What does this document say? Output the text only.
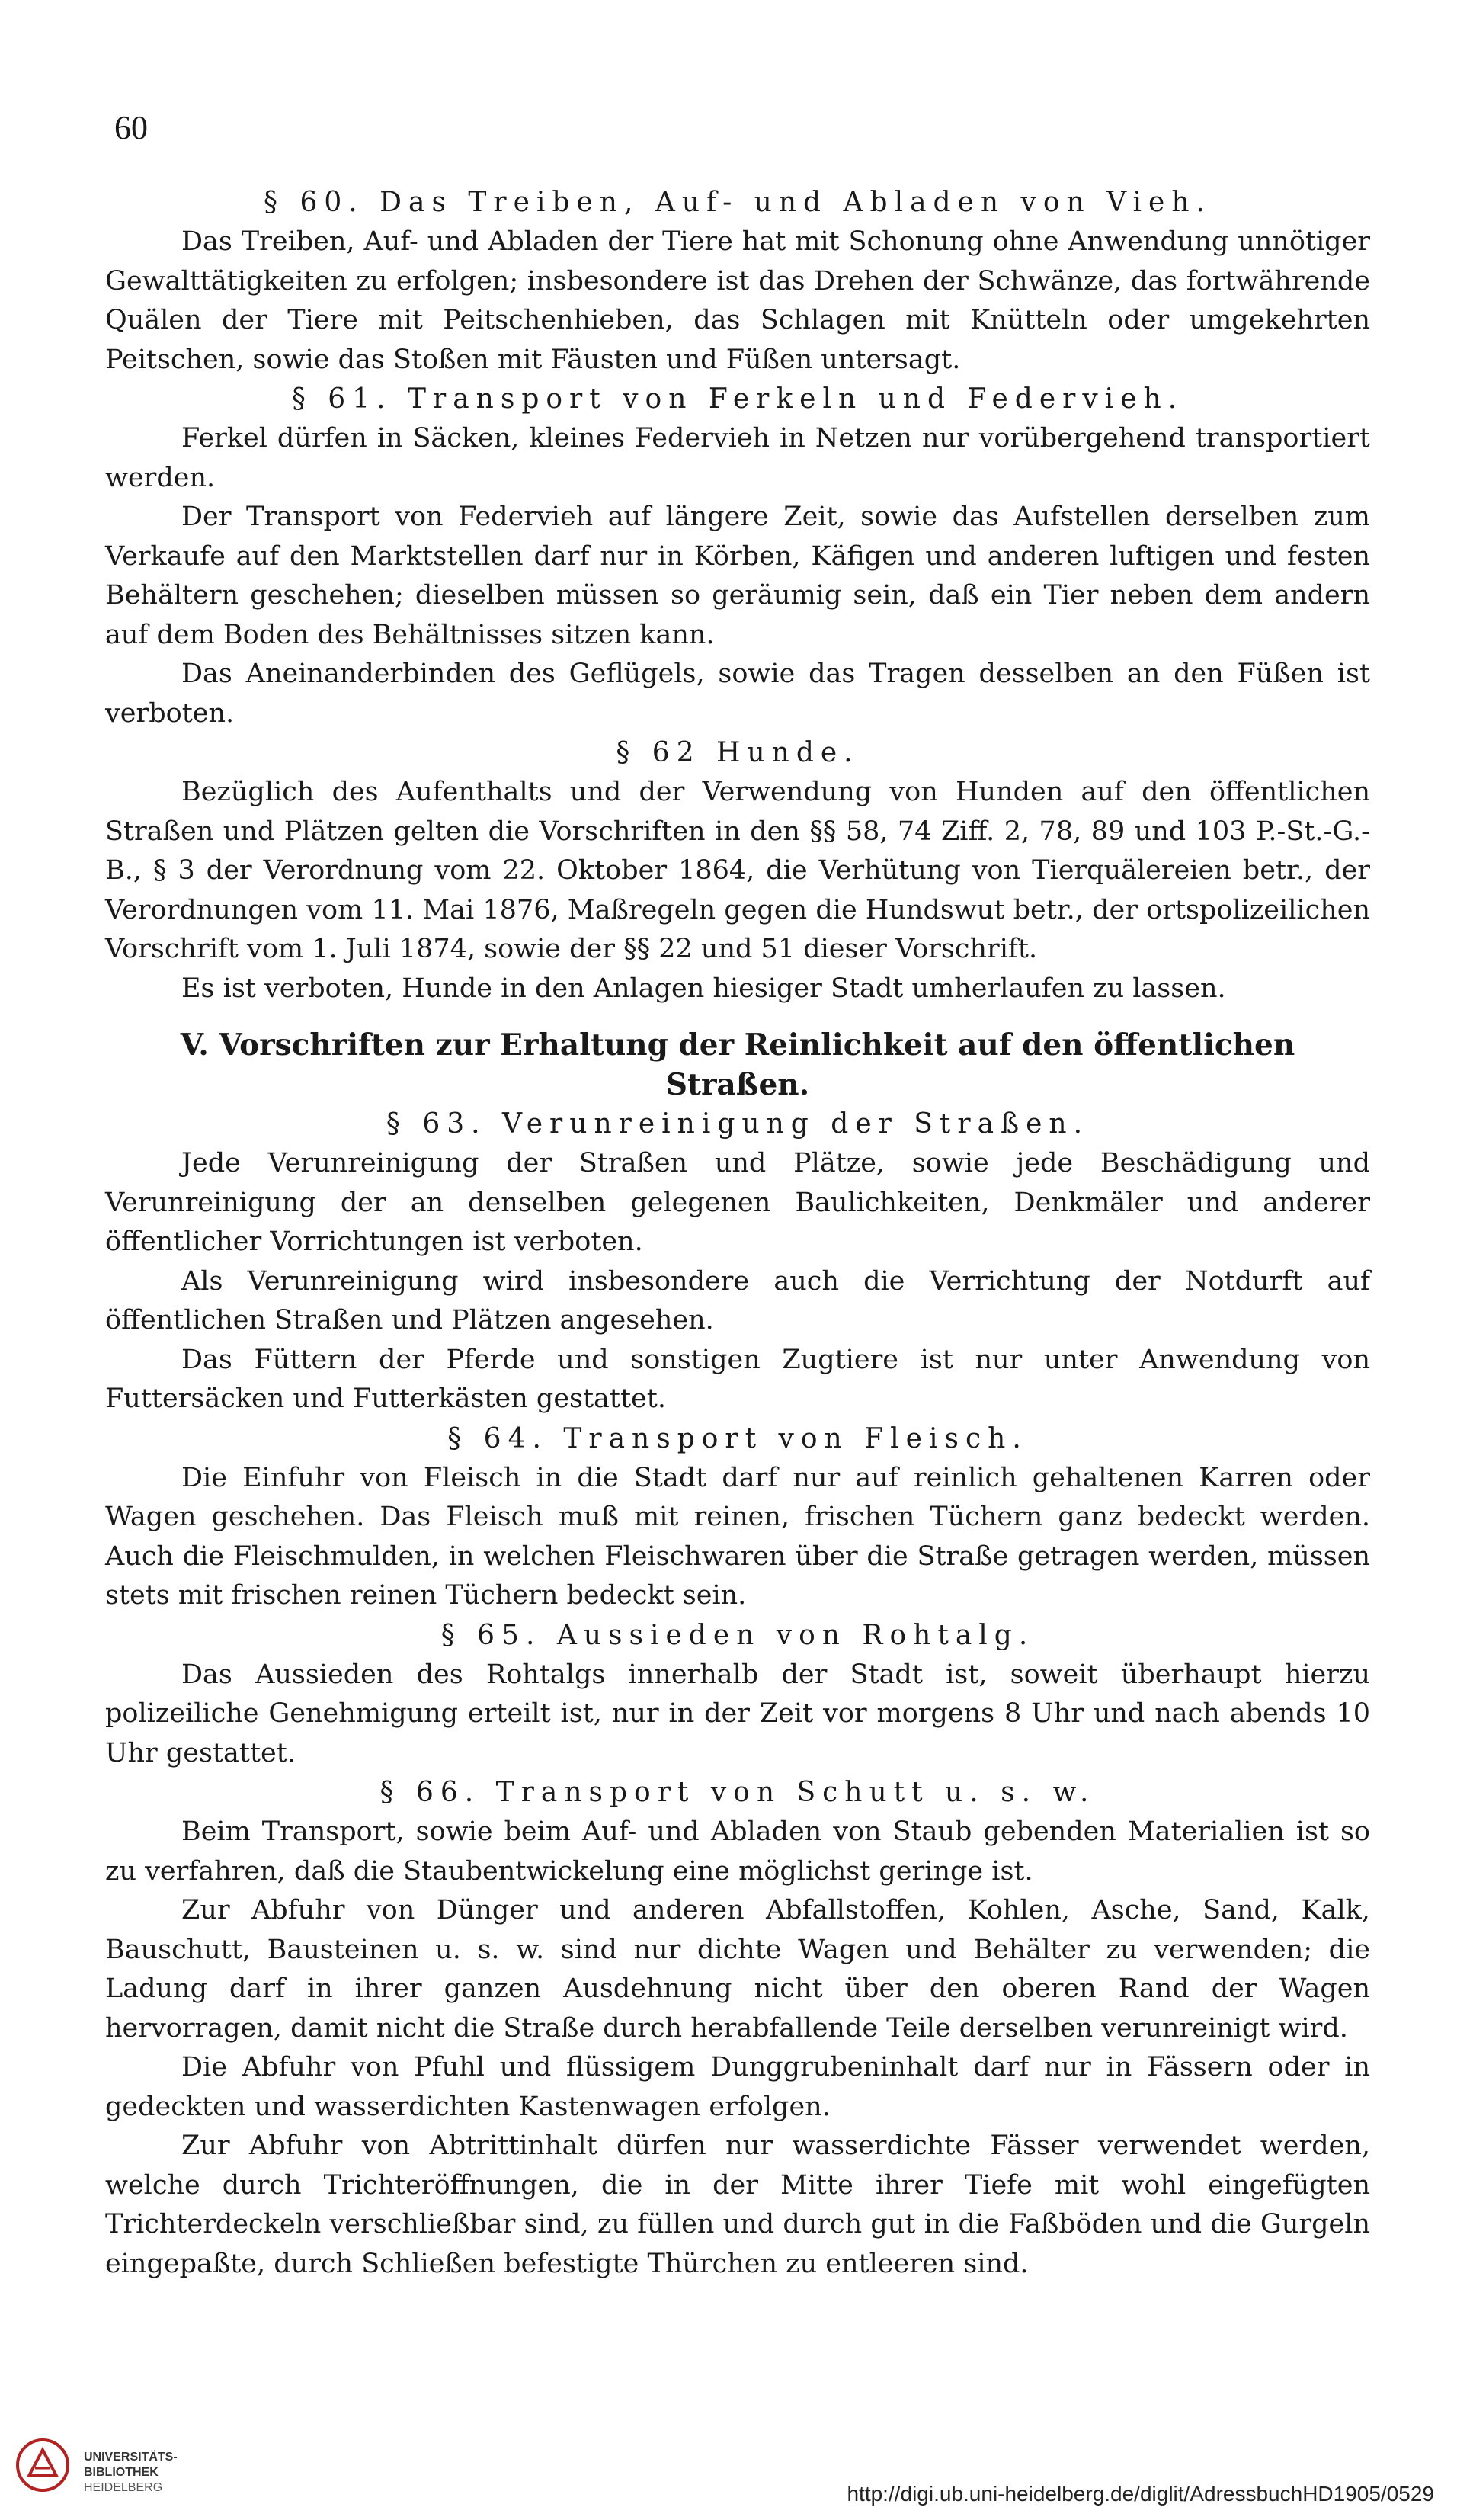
60
§ 60. Das Treiben, Auf- und Abladen von Vieh.

Das Treiben, Auf- und Abladen der Tiere hat mit Schonung ohne Anwendung unnötiger Gewalttätigkeiten zu erfolgen; insbesondere ist das Drehen der Schwänze, das fortwährende Quälen der Tiere mit Peitschenhieben, das Schlagen mit Knütteln oder umgekehrten Peitschen, sowie das Stoßen mit Fäusten und Füßen untersagt.

§ 61. Transport von Ferkeln und Federvieh.

Ferkel dürfen in Säcken, kleines Federvieh in Netzen nur vorübergehend transportiert werden.

Der Transport von Federvieh auf längere Zeit, sowie das Aufstellen derselben zum Verkaufe auf den Marktstellen darf nur in Körben, Käfigen und anderen luftigen und festen Behältern geschehen; dieselben müssen so geräumig sein, daß ein Tier neben dem andern auf dem Boden des Behältnisses sitzen kann.

Das Aneinanderbinden des Geflügels, sowie das Tragen desselben an den Füßen ist verboten.

§ 62 Hunde.

Bezüglich des Aufenthalts und der Verwendung von Hunden auf den öffentlichen Straßen und Plätzen gelten die Vorschriften in den §§ 58, 74 Ziff. 2, 78, 89 und 103 P.-St.-G.-B., § 3 der Verordnung vom 22. Oktober 1864, die Verhütung von Tierquälereien betr., der Verordnungen vom 11. Mai 1876, Maßregeln gegen die Hundswut betr., der ortspolizeilichen Vorschrift vom 1. Juli 1874, sowie der §§ 22 und 51 dieser Vorschrift.

Es ist verboten, Hunde in den Anlagen hiesiger Stadt umherlaufen zu lassen.

V. Vorschriften zur Erhaltung der Reinlichkeit auf den öffentlichen Straßen.
§ 63. Verunreinigung der Straßen.

Jede Verunreinigung der Straßen und Plätze, sowie jede Beschädigung und Verunreinigung der an denselben gelegenen Baulichkeiten, Denkmäler und anderer öffentlicher Vorrichtungen ist verboten.

Als Verunreinigung wird insbesondere auch die Verrichtung der Notdurft auf öffentlichen Straßen und Plätzen angesehen.

Das Füttern der Pferde und sonstigen Zugtiere ist nur unter Anwendung von Futtersäcken und Futterkästen gestattet.

§ 64. Transport von Fleisch.

Die Einfuhr von Fleisch in die Stadt darf nur auf reinlich gehaltenen Karren oder Wagen geschehen. Das Fleisch muß mit reinen, frischen Tüchern ganz bedeckt werden. Auch die Fleischmulden, in welchen Fleischwaren über die Straße getragen werden, müssen stets mit frischen reinen Tüchern bedeckt sein.

§ 65. Aussieden von Rohtalg.

Das Aussieden des Rohtalgs innerhalb der Stadt ist, soweit überhaupt hierzu polizeiliche Genehmigung erteilt ist, nur in der Zeit vor morgens 8 Uhr und nach abends 10 Uhr gestattet.

§ 66. Transport von Schutt u. s. w.

Beim Transport, sowie beim Auf- und Abladen von Staub gebenden Materialien ist so zu verfahren, daß die Staubentwickelung eine möglichst geringe ist.

Zur Abfuhr von Dünger und anderen Abfallstoffen, Kohlen, Asche, Sand, Kalk, Bauschutt, Bausteinen u. s. w. sind nur dichte Wagen und Behälter zu verwenden; die Ladung darf in ihrer ganzen Ausdehnung nicht über den oberen Rand der Wagen hervorragen, damit nicht die Straße durch herabfallende Teile derselben verunreinigt wird.

Die Abfuhr von Pfuhl und flüssigem Dunggrubeninhalt darf nur in Fässern oder in gedeckten und wasserdichten Kastenwagen erfolgen.

Zur Abfuhr von Abtrittinhalt dürfen nur wasserdichte Fässer verwendet werden, welche durch Trichteröffnungen, die in der Mitte ihrer Tiefe mit wohl eingefügten Trichterdeckeln verschließbar sind, zu füllen und durch gut in die Faßböden und die Gurgeln eingepaßte, durch Schließen befestigte Thürchen zu entleeren sind.

UNIVERSITÄTS-
BIBLIOTHEK
HEIDELBERG	http://digi.ub.uni-heidelberg.de/diglit/AdressbuchHD1905/0529
